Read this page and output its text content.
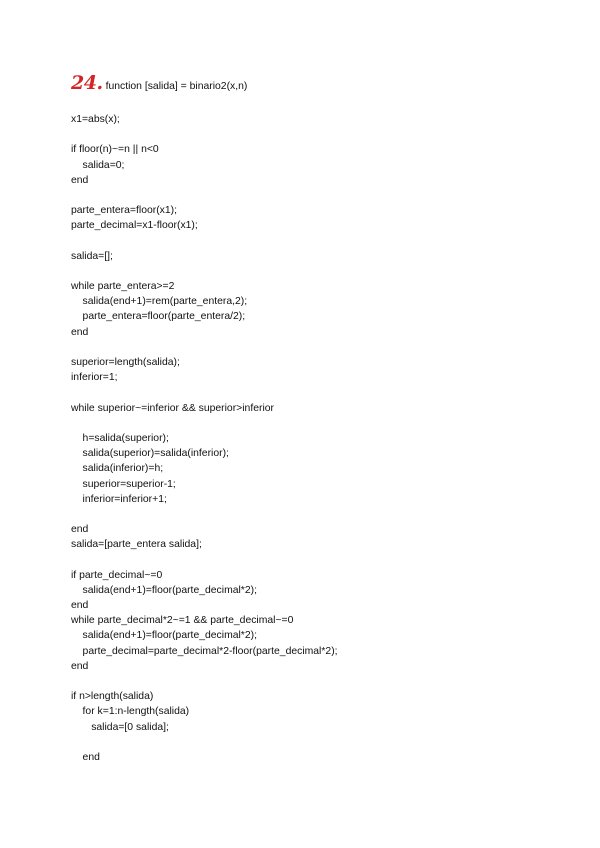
24. function [salida] = binario2(x,n)
x1=abs(x);
if floor(n)~=n || n<0
salida=0;
end
parte_entera=floor(x1);
parte_decimal=x1-floor(x1);
salida=[];
while parte_entera>=2
salida(end+1)=rem(parte_entera,2);
parte_entera=floor(parte_entera/2);
end
superior=length(salida);
inferior=1;
while superior~=inferior && superior>inferior
h=salida(superior);
salida(superior)=salida(inferior);
salida(inferior)=h;
superior=superior-1;
inferior=inferior+1;
end
salida=[parte_entera salida];
if parte_decimal~=0
salida(end+1)=floor(parte_decimal*2);
end
while parte_decimal*2~=1 && parte_decimal~=0
salida(end+1)=floor(parte_decimal*2);
parte_decimal=parte_decimal*2-floor(parte_decimal*2);
end
if n>length(salida)
for k=1:n-length(salida)
salida=[0 salida];
end
